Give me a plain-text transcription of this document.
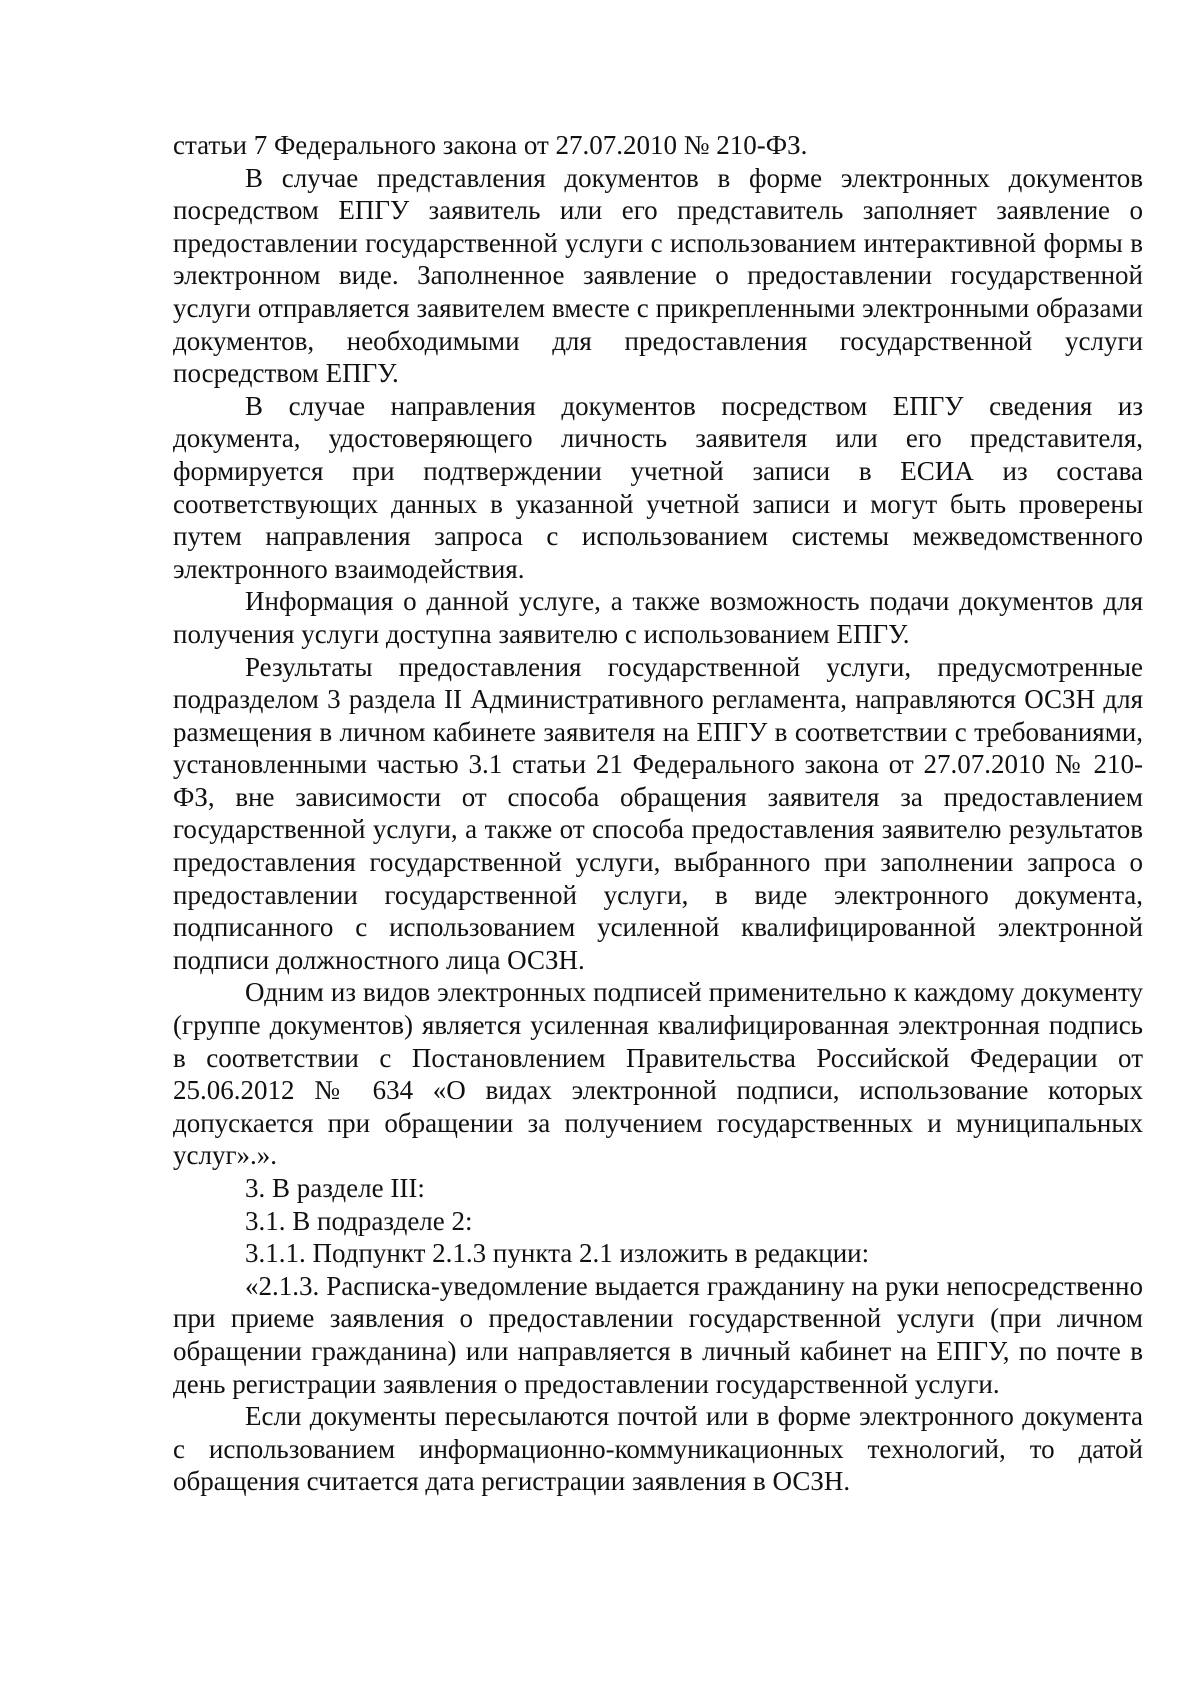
статьи 7 Федерального закона от 27.07.2010 № 210-ФЗ.

В случае представления документов в форме электронных документов посредством ЕПГУ заявитель или его представитель заполняет заявление о предоставлении государственной услуги с использованием интерактивной формы в электронном виде. Заполненное заявление о предоставлении государственной услуги отправляется заявителем вместе с прикрепленными электронными образами документов, необходимыми для предоставления государственной услуги посредством ЕПГУ.

В случае направления документов посредством ЕПГУ сведения из документа, удостоверяющего личность заявителя или его представителя, формируется при подтверждении учетной записи в ЕСИА из состава соответствующих данных в указанной учетной записи и могут быть проверены путем направления запроса с использованием системы межведомственного электронного взаимодействия.

Информация о данной услуге, а также возможность подачи документов для получения услуги доступна заявителю с использованием ЕПГУ.

Результаты предоставления государственной услуги, предусмотренные подразделом 3 раздела II Административного регламента, направляются ОСЗН для размещения в личном кабинете заявителя на ЕПГУ в соответствии с требованиями, установленными частью 3.1 статьи 21 Федерального закона от 27.07.2010 № 210-ФЗ, вне зависимости от способа обращения заявителя за предоставлением государственной услуги, а также от способа предоставления заявителю результатов предоставления государственной услуги, выбранного при заполнении запроса о предоставлении государственной услуги, в виде электронного документа, подписанного с использованием усиленной квалифицированной электронной подписи должностного лица ОСЗН.

Одним из видов электронных подписей применительно к каждому документу (группе документов) является усиленная квалифицированная электронная подпись в соответствии с Постановлением Правительства Российской Федерации от 25.06.2012 № 634 «О видах электронной подписи, использование которых допускается при обращении за получением государственных и муниципальных услуг».».

3. В разделе III:

3.1. В подразделе 2:

3.1.1. Подпункт 2.1.3 пункта 2.1 изложить в редакции:

«2.1.3. Расписка-уведомление выдается гражданину на руки непосредственно при приеме заявления о предоставлении государственной услуги (при личном обращении гражданина) или направляется в личный кабинет на ЕПГУ, по почте в день регистрации заявления о предоставлении государственной услуги.

Если документы пересылаются почтой или в форме электронного документа с использованием информационно-коммуникационных технологий, то датой обращения считается дата регистрации заявления в ОСЗН.
